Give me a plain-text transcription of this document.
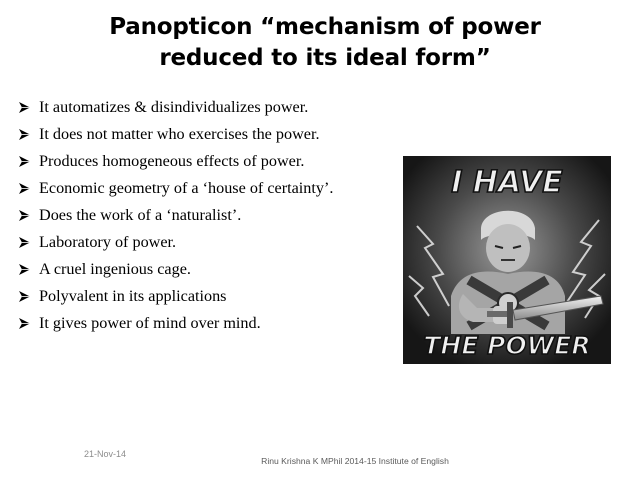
Panopticon “mechanism of power
reduced to its ideal form”
It automatizes & disindividualizes power.
It does not matter who exercises the power.
Produces homogeneous effects of power.
Economic geometry of a ‘house of certainty’.
Does the work of a ‘naturalist’.
Laboratory of power.
A cruel ingenious cage.
Polyvalent in its applications
It gives power of mind over mind.
I HAVE
THE POWER
21-Nov-14
Rinu Krishna K MPhil 2014-15 Institute of English
